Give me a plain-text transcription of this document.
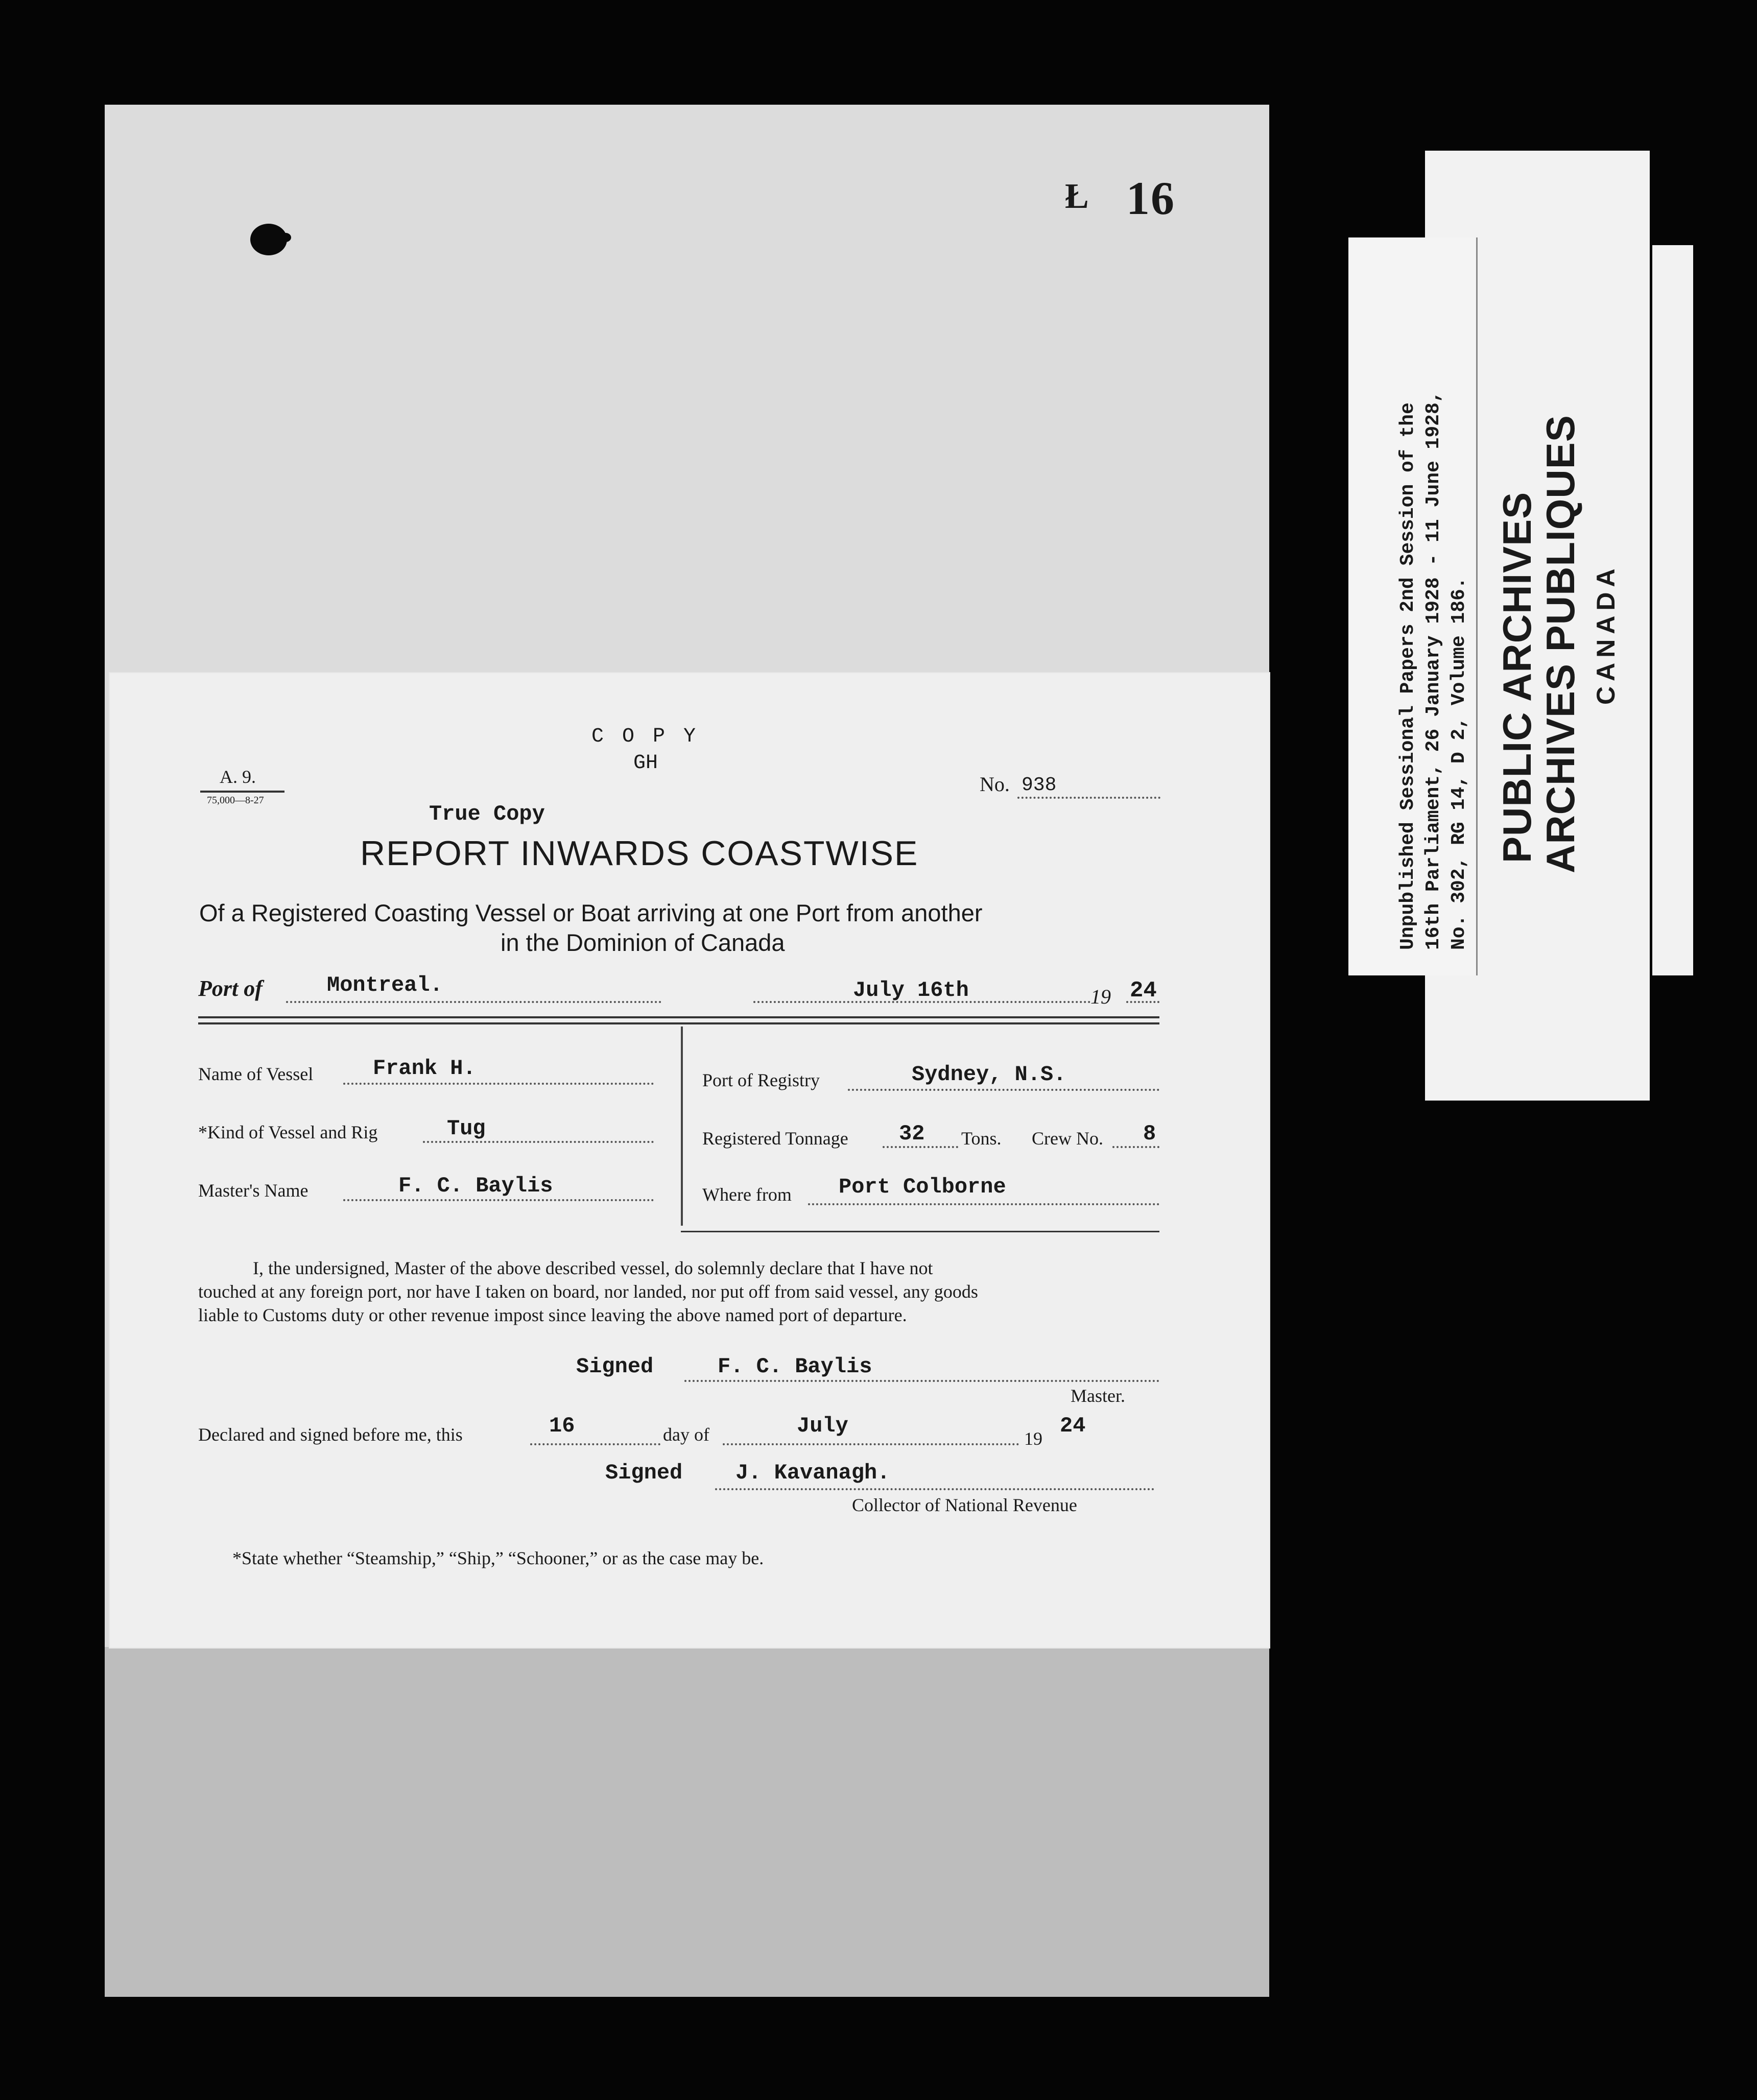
Ł 16
C O P Y
GH
A. 9.
75,000—8-27
True Copy
No. 938
REPORT INWARDS COASTWISE
Of a Registered Coasting Vessel or Boat arriving at one Port from another
in the Dominion of Canada
Port of	Montreal.	July 16th	19 24
Name of Vessel	Frank H.
*Kind of Vessel and Rig	Tug
Master's Name	F. C. Baylis
Port of Registry	Sydney, N.S.
Registered Tonnage 32 Tons. Crew No. 8
Where from Port Colborne
I, the undersigned, Master of the above described vessel, do solemnly declare that I have not
touched at any foreign port, nor have I taken on board, nor landed, nor put off from said vessel, any goods
liable to Customs duty or other revenue impost since leaving the above named port of departure.
Signed	F. C. Baylis
Master.
Declared and signed before me, this	16	day of	July
19
24
Signed J. Kavanagh.
Collector of National Revenue
*State whether “Steamship,” “Ship,” “Schooner,” or as the case may be.
Unpublished Sessional Papers 2nd Session of the 16th Parliament, 26 January 1928 - 11 June 1928, No. 302, RG 14, D 2, Volume 186. PUBLIC ARCHIVES
ARCHIVES PUBLIQUES CANADA
